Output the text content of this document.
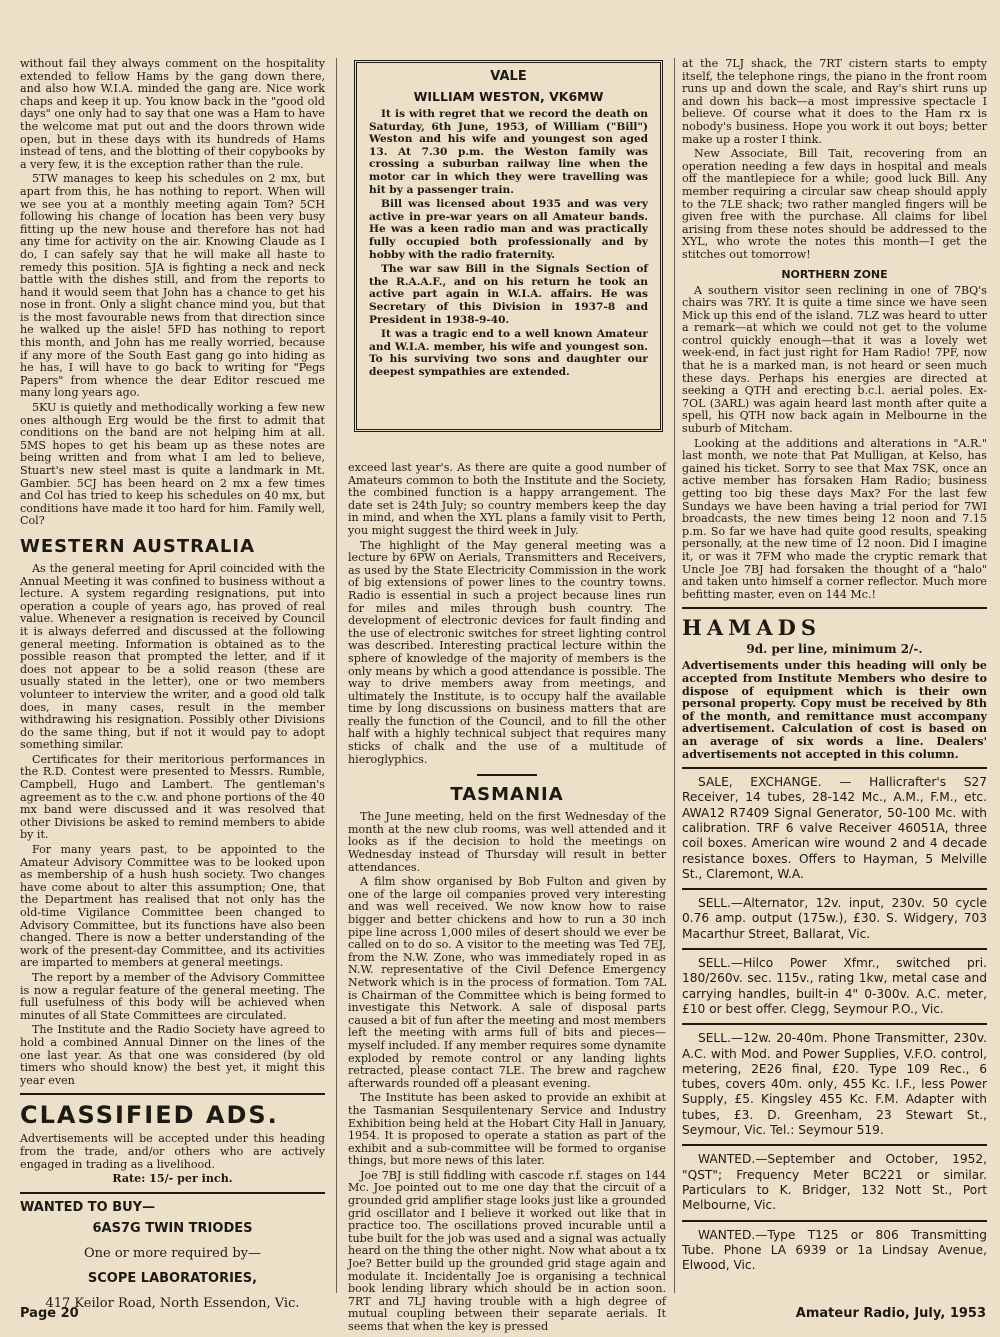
without fail they always comment on the hospitality extended to fellow Hams by the gang down there, and also how W.I.A. minded the gang are. Nice work chaps and keep it up. You know back in the "good old days" one only had to say that one was a Ham to have the welcome mat put out and the doors thrown wide open, but in these days with its hundreds of Hams instead of tens, and the blotting of their copybooks by a very few, it is the exception rather than the rule.

5TW manages to keep his schedules on 2 mx, but apart from this, he has nothing to report. When will we see you at a monthly meeting again Tom? 5CH following his change of location has been very busy fitting up the new house and therefore has not had any time for activity on the air. Knowing Claude as I do, I can safely say that he will make all haste to remedy this position. 5JA is fighting a neck and neck battle with the dishes still, and from the reports to hand it would seem that John has a chance to get his nose in front. Only a slight chance mind you, but that is the most favourable news from that direction since he walked up the aisle! 5FD has nothing to report this month, and John has me really worried, because if any more of the South East gang go into hiding as he has, I will have to go back to writing for "Pegs Papers" from whence the dear Editor rescued me many long years ago.

5KU is quietly and methodically working a few new ones although Erg would be the first to admit that conditions on the band are not helping him at all. 5MS hopes to get his beam up as these notes are being written and from what I am led to believe, Stuart's new steel mast is quite a landmark in Mt. Gambier. 5CJ has been heard on 2 mx a few times and Col has tried to keep his schedules on 40 mx, but conditions have made it too hard for him. Family well, Col?

WESTERN AUSTRALIA

As the general meeting for April coincided with the Annual Meeting it was confined to business without a lecture. A system regarding resignations, put into operation a couple of years ago, has proved of real value. Whenever a resignation is received by Council it is always deferred and discussed at the following general meeting. Information is obtained as to the possible reason that prompted the letter, and if it does not appear to be a solid reason (these are usually stated in the letter), one or two members volunteer to interview the writer, and a good old talk does, in many cases, result in the member withdrawing his resignation. Possibly other Divisions do the same thing, but if not it would pay to adopt something similar.

Certificates for their meritorious performances in the R.D. Contest were presented to Messrs. Rumble, Campbell, Hugo and Lambert. The gentleman's agreement as to the c.w. and phone portions of the 40 mx band were discussed and it was resolved that other Divisions be asked to remind members to abide by it.

For many years past, to be appointed to the Amateur Advisory Committee was to be looked upon as membership of a hush hush society. Two changes have come about to alter this assumption; One, that the Department has realised that not only has the old-time Vigilance Committee been changed to Advisory Committee, but its functions have also been changed. There is now a better understanding of the work of the present-day Committee, and its activities are imparted to members at general meetings.

The report by a member of the Advisory Committee is now a regular feature of the general meeting. The full usefulness of this body will be achieved when minutes of all State Committees are circulated.

The Institute and the Radio Society have agreed to hold a combined Annual Dinner on the lines of the one last year. As that one was considered (by old timers who should know) the best yet, it might this year even

CLASSIFIED ADS.

Advertisements will be accepted under this heading from the trade, and/or others who are actively engaged in trading as a livelihood.

Rate: 15/- per inch.

WANTED TO BUY—
6AS7G TWIN TRIODES
One or more required by—
SCOPE LABORATORIES,
417 Keilor Road, North Essendon, Vic.
VALE
WILLIAM WESTON, VK6MW

It is with regret that we record the death on Saturday, 6th June, 1953, of William ("Bill") Weston and his wife and youngest son aged 13. At 7.30 p.m. the Weston family was crossing a suburban railway line when the motor car in which they were travelling was hit by a passenger train.

Bill was licensed about 1935 and was very active in pre-war years on all Amateur bands. He was a keen radio man and was practically fully occupied both professionally and by hobby with the radio fraternity.

The war saw Bill in the Signals Section of the R.A.A.F., and on his return he took an active part again in W.I.A. affairs. He was Secretary of this Division in 1937-8 and President in 1938-9-40.

It was a tragic end to a well known Amateur and W.I.A. member, his wife and youngest son. To his surviving two sons and daughter our deepest sympathies are extended.

exceed last year's. As there are quite a good number of Amateurs common to both the Institute and the Society, the combined function is a happy arrangement. The date set is 24th July; so country members keep the day in mind, and when the XYL plans a family visit to Perth, you might suggest the third week in July.

The highlight of the May general meeting was a lecture by 6PW on Aerials, Transmitters and Receivers, as used by the State Electricity Commission in the work of big extensions of power lines to the country towns. Radio is essential in such a project because lines run for miles and miles through bush country. The development of electronic devices for fault finding and the use of electronic switches for street lighting control was described. Interesting practical lecture within the sphere of knowledge of the majority of members is the only means by which a good attendance is possible. The way to drive members away from meetings, and ultimately the Institute, is to occupy half the available time by long discussions on business matters that are really the function of the Council, and to fill the other half with a highly technical subject that requires many sticks of chalk and the use of a multitude of hieroglyphics.

TASMANIA

The June meeting, held on the first Wednesday of the month at the new club rooms, was well attended and it looks as if the decision to hold the meetings on Wednesday instead of Thursday will result in better attendances.

A film show organised by Bob Fulton and given by one of the large oil companies proved very interesting and was well received. We now know how to raise bigger and better chickens and how to run a 30 inch pipe line across 1,000 miles of desert should we ever be called on to do so. A visitor to the meeting was Ted 7EJ, from the N.W. Zone, who was immediately roped in as N.W. representative of the Civil Defence Emergency Network which is in the process of formation. Tom 7AL is Chairman of the Committee which is being formed to investigate this Network. A sale of disposal parts caused a bit of fun after the meeting and most members left the meeting with arms full of bits and pieces—myself included. If any member requires some dynamite exploded by remote control or any landing lights retracted, please contact 7LE. The brew and ragchew afterwards rounded off a pleasant evening.

The Institute has been asked to provide an exhibit at the Tasmanian Sesquilentenary Service and Industry Exhibition being held at the Hobart City Hall in January, 1954. It is proposed to operate a station as part of the exhibit and a sub-committee will be formed to organise things, but more news of this later.

Joe 7BJ is still fiddling with cascode r.f. stages on 144 Mc. Joe pointed out to me one day that the circuit of a grounded grid amplifier stage looks just like a grounded grid oscillator and I believe it worked out like that in practice too. The oscillations proved incurable until a tube built for the job was used and a signal was actually heard on the thing the other night. Now what about a tx Joe? Better build up the grounded grid stage again and modulate it. Incidentally Joe is organising a technical book lending library which should be in action soon. 7RT and 7LJ having trouble with a high degree of mutual coupling between their separate aerials. It seems that when the key is pressed

at the 7LJ shack, the 7RT cistern starts to empty itself, the telephone rings, the piano in the front room runs up and down the scale, and Ray's shirt runs up and down his back—a most impressive spectacle I believe. Of course what it does to the Ham rx is nobody's business. Hope you work it out boys; better make up a roster I think.

New Associate, Bill Tait, recovering from an operation needing a few days in hospital and meals off the mantlepiece for a while; good luck Bill. Any member requiring a circular saw cheap should apply to the 7LE shack; two rather mangled fingers will be given free with the purchase. All claims for libel arising from these notes should be addressed to the XYL, who wrote the notes this month—I get the stitches out tomorrow!

NORTHERN ZONE

A southern visitor seen reclining in one of 7BQ's chairs was 7RY. It is quite a time since we have seen Mick up this end of the island. 7LZ was heard to utter a remark—at which we could not get to the volume control quickly enough—that it was a lovely wet week-end, in fact just right for Ham Radio! 7PF, now that he is a marked man, is not heard or seen much these days. Perhaps his energies are directed at seeking a QTH and erecting b.c.l. aerial poles. Ex-7OL (3ARL) was again heard last month after quite a spell, his QTH now back again in Melbourne in the suburb of Mitcham.

Looking at the additions and alterations in "A.R." last month, we note that Pat Mulligan, at Kelso, has gained his ticket. Sorry to see that Max 7SK, once an active member has forsaken Ham Radio; business getting too big these days Max? For the last few Sundays we have been having a trial period for 7WI broadcasts, the new times being 12 noon and 7.15 p.m. So far we have had quite good results, speaking personally, at the new time of 12 noon. Did I imagine it, or was it 7FM who made the cryptic remark that Uncle Joe 7BJ had forsaken the thought of a "halo" and taken unto himself a corner reflector. Much more befitting master, even on 144 Mc.!

HAMADS
9d. per line, minimum 2/-.

Advertisements under this heading will only be accepted from Institute Members who desire to dispose of equipment which is their own personal property. Copy must be received by 8th of the month, and remittance must accompany advertisement. Calculation of cost is based on an average of six words a line. Dealers' advertisements not accepted in this column.

SALE, EXCHANGE. — Hallicrafter's S27 Receiver, 14 tubes, 28-142 Mc., A.M., F.M., etc. AWA12 R7409 Signal Generator, 50-100 Mc. with calibration. TRF 6 valve Receiver 46051A, three coil boxes. American wire wound 2 and 4 decade resistance boxes. Offers to Hayman, 5 Melville St., Claremont, W.A.

SELL.—Alternator, 12v. input, 230v. 50 cycle 0.76 amp. output (175w.), £30. S. Widgery, 703 Macarthur Street, Ballarat, Vic.

SELL.—Hilco Power Xfmr., switched pri. 180/260v. sec. 115v., rating 1kw, metal case and carrying handles, built-in 4" 0-300v. A.C. meter, £10 or best offer. Clegg, Seymour P.O., Vic.

SELL.—12w. 20-40m. Phone Transmitter, 230v. A.C. with Mod. and Power Supplies, V.F.O. control, metering, 2E26 final, £20. Type 109 Rec., 6 tubes, covers 40m. only, 455 Kc. I.F., less Power Supply, £5. Kingsley 455 Kc. F.M. Adapter with tubes, £3. D. Greenham, 23 Stewart St., Seymour, Vic. Tel.: Seymour 519.

WANTED.—September and October, 1952, "QST"; Frequency Meter BC221 or similar. Particulars to K. Bridger, 132 Nott St., Port Melbourne, Vic.

WANTED.—Type T125 or 806 Transmitting Tube. Phone LA 6939 or 1a Lindsay Avenue, Elwood, Vic.

Page 20	Amateur Radio, July, 1953
